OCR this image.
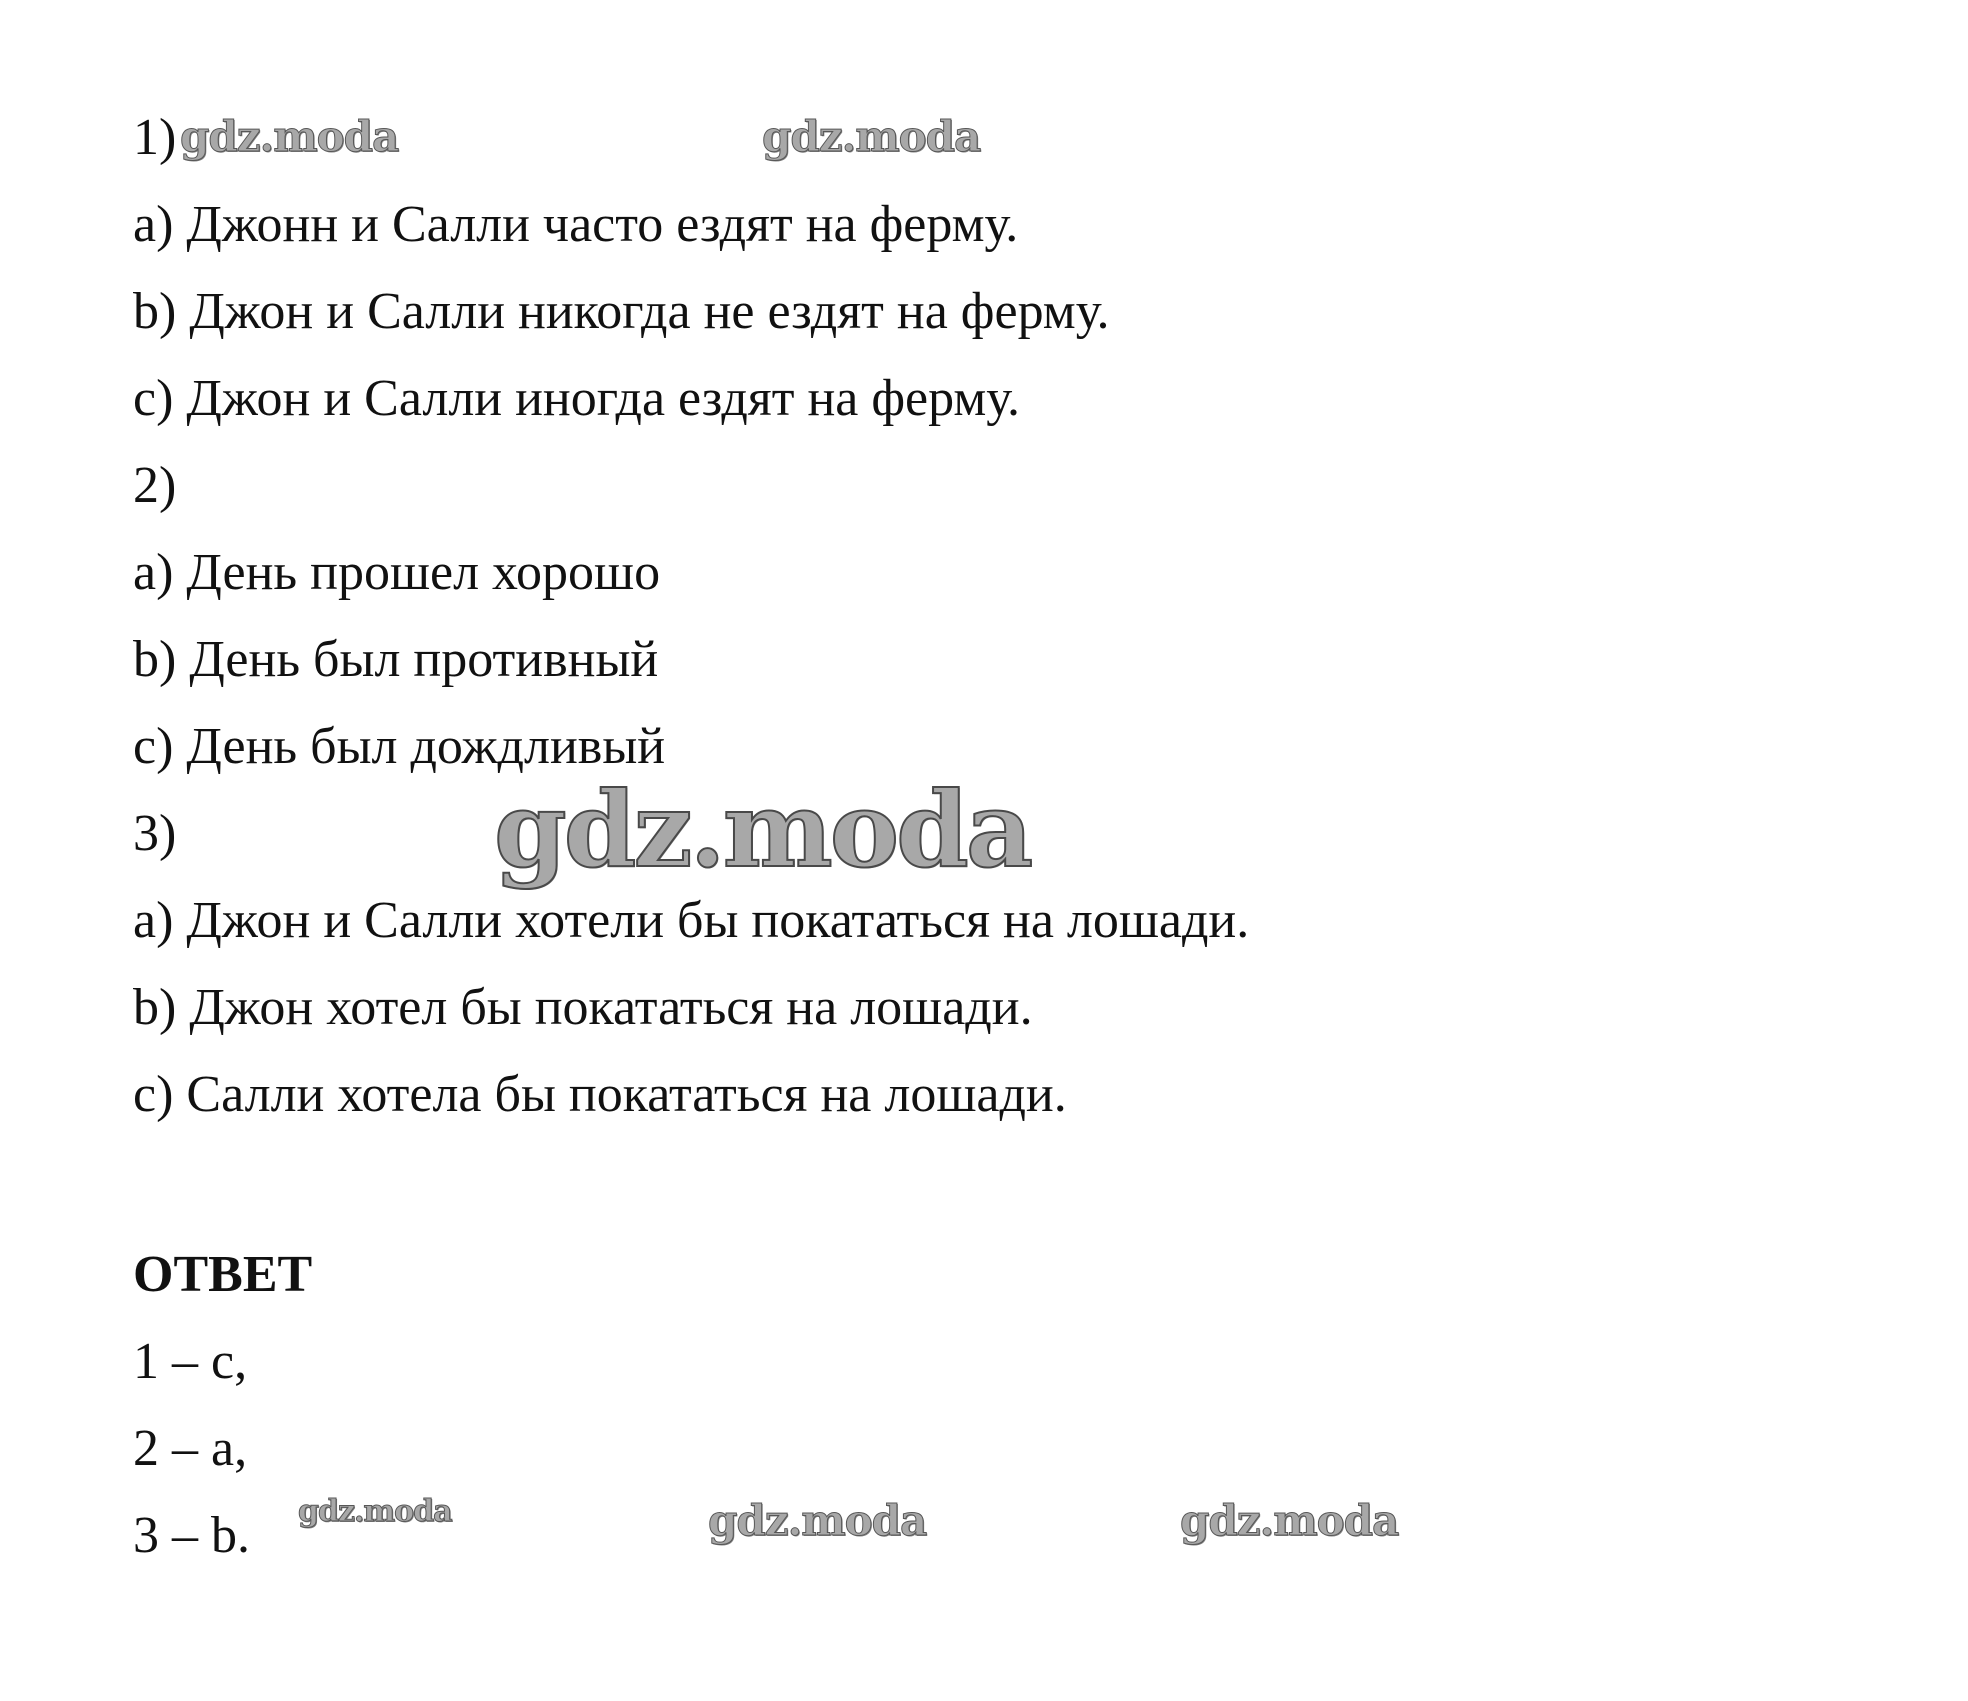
1)
a) Джонн и Салли часто ездят на ферму.
b) Джон и Салли никогда не ездят на ферму.
c) Джон и Салли иногда ездят на ферму.
2)
a) День прошел хорошо
b) День был противный
c) День был дождливый
3)
a) Джон и Салли хотели бы покататься на лошади.
b) Джон хотел бы покататься на лошади.
c) Салли хотела бы покататься на лошади.
ОТВЕТ
1 – c,
2 – a,
3 – b.
gdz.moda	gdz.moda
gdz.moda
gdz.moda	gdz.moda	gdz.moda
